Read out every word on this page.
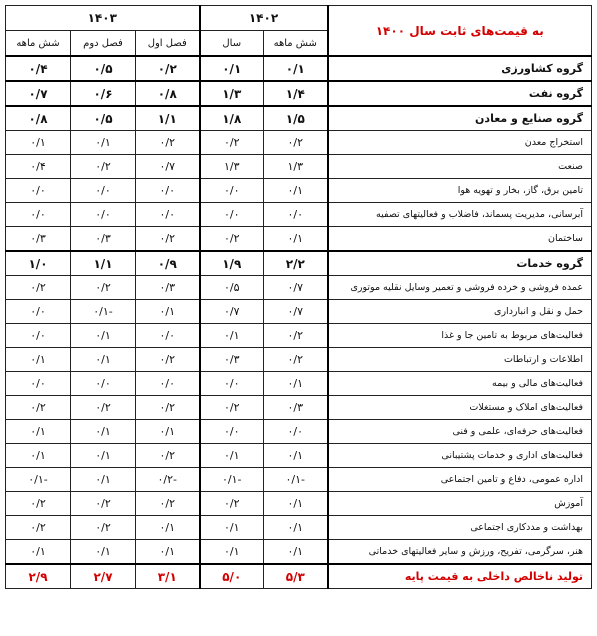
به قیمت‌های ثابت سال ۱۴۰۰	۱۴۰۲		۱۴۰۳		
	شش ماهه	سال	فصل اول	فصل دوم	شش ماهه
گروه کشاورزی	۰/۱	۰/۱	۰/۲	۰/۵	۰/۴
گروه نفت	۱/۴	۱/۳	۰/۸	۰/۶	۰/۷
گروه صنایع و معادن	۱/۵	۱/۸	۱/۱	۰/۵	۰/۸
استخراج معدن	۰/۲	۰/۲	۰/۲	۰/۱	۰/۱
صنعت	۱/۳	۱/۳	۰/۷	۰/۲	۰/۴
تامین برق، گاز، بخار و تهویه هوا	۰/۱	۰/۰	۰/۰	۰/۰	۰/۰
آبرسانی، مدیریت پسماند، فاضلاب و فعالیتهای تصفیه	۰/۰	۰/۰	۰/۰	۰/۰	۰/۰
ساختمان	۰/۱	۰/۲	۰/۲	۰/۳	۰/۳
گروه خدمات	۲/۲	۱/۹	۰/۹	۱/۱	۱/۰
عمده فروشی و خرده فروشی و تعمیر وسایل نقلیه موتوری	۰/۷	۰/۵	۰/۳	۰/۲	۰/۲
حمل و نقل و انبارداری	۰/۷	۰/۷	۰/۱	-۰/۱	۰/۰
فعالیت‌های مربوط به تامین جا و غذا	۰/۲	۰/۱	۰/۰	۰/۱	۰/۰
اطلاعات و ارتباطات	۰/۲	۰/۳	۰/۲	۰/۱	۰/۱
فعالیت‌های مالی و بیمه	۰/۱	۰/۰	۰/۰	۰/۰	۰/۰
فعالیت‌های املاک و مستغلات	۰/۳	۰/۲	۰/۲	۰/۲	۰/۲
فعالیت‌های حرفه‌ای، علمی و فنی	۰/۰	۰/۰	۰/۱	۰/۱	۰/۱
فعالیت‌های اداری و خدمات پشتیبانی	۰/۱	۰/۱	۰/۲	۰/۱	۰/۱
اداره عمومی، دفاع و تامین اجتماعی	-۰/۱	-۰/۱	-۰/۲	۰/۱	-۰/۱
آموزش	۰/۱	۰/۲	۰/۲	۰/۲	۰/۲
بهداشت و مددکاری اجتماعی	۰/۱	۰/۱	۰/۱	۰/۲	۰/۲
هنر، سرگرمی، تفریح، ورزش و سایر فعالیتهای خدماتی	۰/۱	۰/۱	۰/۱	۰/۱	۰/۱
تولید ناخالص داخلی به قیمت پایه	۵/۳	۵/۰	۳/۱	۲/۷	۲/۹
